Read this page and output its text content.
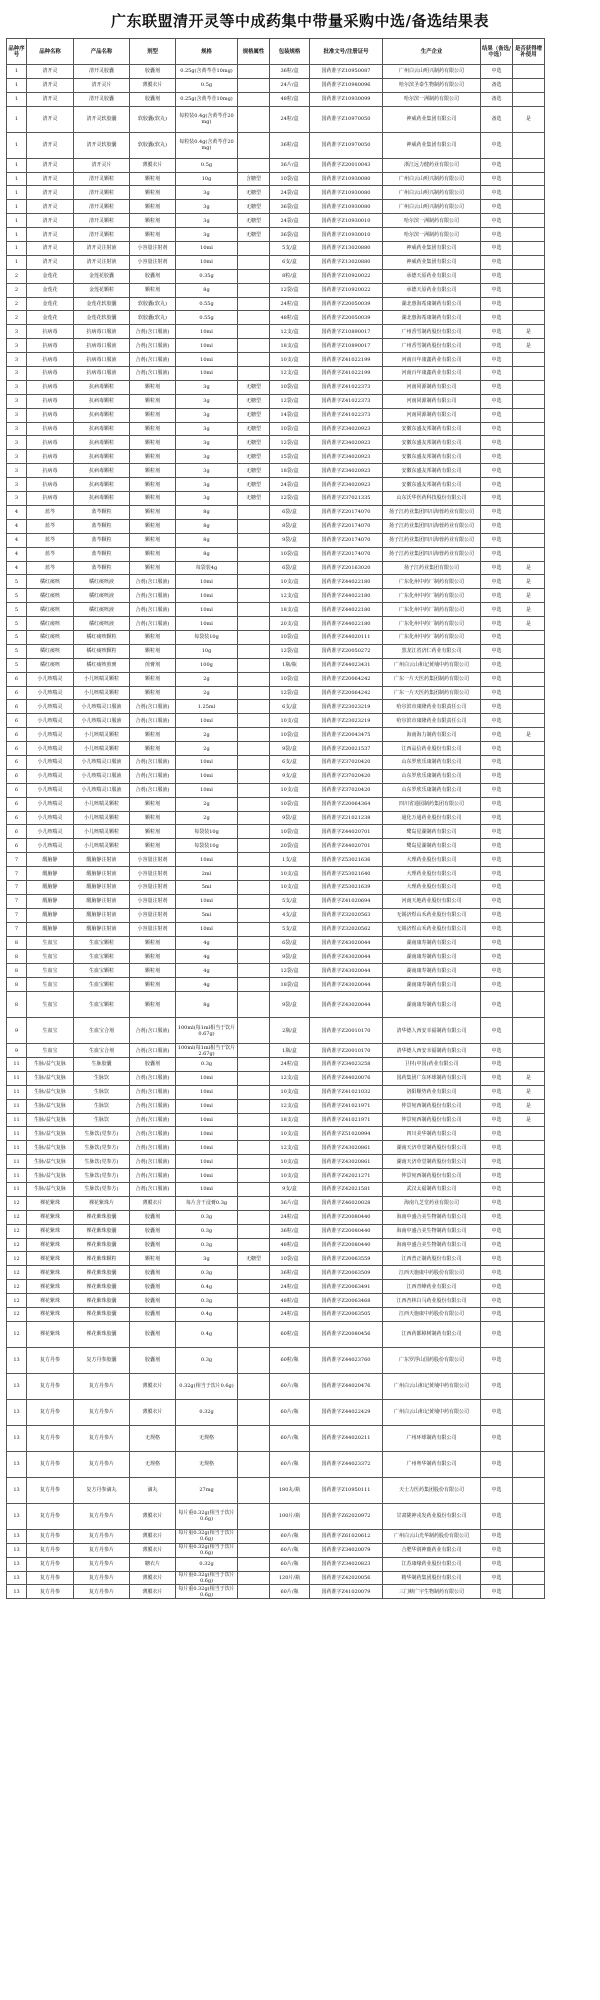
广东联盟清开灵等中成药集中带量采购中选/备选结果表
品种序号	品种名称	产品名称	剂型	规格	规格属性	包装规格	批准文号/注册证号	生产企业	结果（备选/中选）	是否获得增补使用
1	清开灵	清开灵胶囊	胶囊剂	0.25g(含黄芩苷10mg)		36粒/盒	国药准字Z10950087	广州白云山明兴制药有限公司	中选	
1	清开灵	清开灵片	薄膜衣片	0.5g		24片/盒	国药准字Z10980096	哈尔滨圣泰生物制药有限公司	备选	
1	清开灵	清开灵胶囊	胶囊剂	0.25g(含黄芩苷10mg)		48粒/盒	国药准字Z10930099	哈尔滨一洲制药有限公司	备选	
1	清开灵	清开灵软胶囊	软胶囊(软丸)	每粒装0.4g(含黄芩苷20mg)		24粒/盒	国药准字Z10970050	神威药业集团有限公司	备选	是
1	清开灵	清开灵软胶囊	软胶囊(软丸)	每粒装0.4g(含黄芩苷20mg)		36粒/盒	国药准字Z10970050	神威药业集团有限公司	中选	
1	清开灵	清开灵片	薄膜衣片	0.5g		36片/盒	国药准字Z20010043	浙江远力健药业有限公司	中选	
1	清开灵	清开灵颗粒	颗粒剂	10g	含糖型	10袋/盒	国药准字Z10930080	广州白云山明兴制药有限公司	中选	
1	清开灵	清开灵颗粒	颗粒剂	3g	无糖型	24袋/盒	国药准字Z10930080	广州白云山明兴制药有限公司	中选	
1	清开灵	清开灵颗粒	颗粒剂	3g	无糖型	36袋/盒	国药准字Z10930080	广州白云山明兴制药有限公司	中选	
1	清开灵	清开灵颗粒	颗粒剂	3g	无糖型	24袋/盒	国药准字Z10930010	哈尔滨一洲制药有限公司	中选	
1	清开灵	清开灵颗粒	颗粒剂	3g	无糖型	36袋/盒	国药准字Z10930010	哈尔滨一洲制药有限公司	中选	
1	清开灵	清开灵注射液	小容量注射剂	10ml		5支/盒	国药准字Z13020880	神威药业集团有限公司	中选	
1	清开灵	清开灵注射液	小容量注射剂	10ml		6支/盒	国药准字Z13020880	神威药业集团有限公司	中选	
2	金莲花	金莲花胶囊	胶囊剂	0.35g		8粒/盒	国药准字Z10920022	承德天原药业有限公司	中选	
2	金莲花	金莲花颗粒	颗粒剂	8g		12袋/盒	国药准字Z10920022	承德天原药业有限公司	中选	
2	金莲花	金莲花软胶囊	软胶囊(软丸)	0.55g		24粒/盒	国药准字Z20050039	湖北惠海希康制药有限公司	中选	
2	金莲花	金莲花软胶囊	软胶囊(软丸)	0.55g		48粒/盒	国药准字Z20050039	湖北惠海希康制药有限公司	中选	
3	抗病毒	抗病毒口服液	合剂(含口服液)	10ml		12支/盒	国药准字Z10890017	广州香雪制药股份有限公司	中选	是
3	抗病毒	抗病毒口服液	合剂(含口服液)	10ml		18支/盒	国药准字Z10890017	广州香雪制药股份有限公司	中选	是
3	抗病毒	抗病毒口服液	合剂(含口服液)	10ml		10支/盒	国药准字Z41022199	河南百年康鑫药业有限公司	中选	
3	抗病毒	抗病毒口服液	合剂(含口服液)	10ml		12支/盒	国药准字Z41022199	河南百年康鑫药业有限公司	中选	
3	抗病毒	抗病毒颗粒	颗粒剂	3g	无糖型	10袋/盒	国药准字Z41022373	河南同源制药有限公司	中选	
3	抗病毒	抗病毒颗粒	颗粒剂	3g	无糖型	12袋/盒	国药准字Z41022373	河南同源制药有限公司	中选	
3	抗病毒	抗病毒颗粒	颗粒剂	3g	无糖型	14袋/盒	国药准字Z41022373	河南同源制药有限公司	中选	
3	抗病毒	抗病毒颗粒	颗粒剂	3g	无糖型	10袋/盒	国药准字Z34020923	安徽东盛友邦制药有限公司	中选	
3	抗病毒	抗病毒颗粒	颗粒剂	3g	无糖型	12袋/盒	国药准字Z34020923	安徽东盛友邦制药有限公司	中选	
3	抗病毒	抗病毒颗粒	颗粒剂	3g	无糖型	15袋/盒	国药准字Z34020923	安徽东盛友邦制药有限公司	中选	
3	抗病毒	抗病毒颗粒	颗粒剂	3g	无糖型	18袋/盒	国药准字Z34020923	安徽东盛友邦制药有限公司	中选	
3	抗病毒	抗病毒颗粒	颗粒剂	3g	无糖型	24袋/盒	国药准字Z34020923	安徽东盛友邦制药有限公司	中选	
3	抗病毒	抗病毒颗粒	颗粒剂	3g	无糖型	12袋/盒	国药准字Z37021335	山东沃华医药科技股份有限公司	中选	
4	蓝芩	蓝芩颗粒	颗粒剂	8g		6袋/盒	国药准字Z20174070	扬子江药业集团四川海蓉药业有限公司	中选	
4	蓝芩	蓝芩颗粒	颗粒剂	8g		8袋/盒	国药准字Z20174070	扬子江药业集团四川海蓉药业有限公司	中选	
4	蓝芩	蓝芩颗粒	颗粒剂	8g		9袋/盒	国药准字Z20174070	扬子江药业集团四川海蓉药业有限公司	中选	
4	蓝芩	蓝芩颗粒	颗粒剂	8g		10袋/盒	国药准字Z20174070	扬子江药业集团四川海蓉药业有限公司	中选	
4	蓝芩	蓝芩颗粒	颗粒剂	每袋装4g		6袋/盒	国药准字Z20163020	扬子江药业集团有限公司	中选	是
5	橘红痰咳	橘红痰咳液	合剂(含口服液)	10ml		10支/盒	国药准字Z44022180	广东化州中药厂制药有限公司	中选	是
5	橘红痰咳	橘红痰咳液	合剂(含口服液)	10ml		12支/盒	国药准字Z44022180	广东化州中药厂制药有限公司	中选	是
5	橘红痰咳	橘红痰咳液	合剂(含口服液)	10ml		18支/盒	国药准字Z44022180	广东化州中药厂制药有限公司	中选	是
5	橘红痰咳	橘红痰咳液	合剂(含口服液)	10ml		20支/盒	国药准字Z44022180	广东化州中药厂制药有限公司	中选	是
5	橘红痰咳	橘红痰咳颗粒	颗粒剂	每袋装10g		10袋/盒	国药准字Z44020111	广东化州中药厂制药有限公司	中选	
5	橘红痰咳	橘红痰咳颗粒	颗粒剂	10g		12袋/盒	国药准字Z20050272	黑龙江省济仁药业有限公司	中选	
5	橘红痰咳	橘红痰咳煎膏	煎膏剂	100g		1瓶/瓶	国药准字Z44023431	广州白云山和记黄埔中药有限公司	中选	
6	小儿咳喘灵	小儿咳喘灵颗粒	颗粒剂	2g		10袋/盒	国药准字Z20064242	广东一片天医药集团制药有限公司	中选	
6	小儿咳喘灵	小儿咳喘灵颗粒	颗粒剂	2g		12袋/盒	国药准字Z20064242	广东一片天医药集团制药有限公司	中选	
6	小儿咳喘灵	小儿咳喘灵口服液	合剂(含口服液)	1.25ml		6支/盒	国药准字Z23023219	哈尔滨市康隆药业有限责任公司	中选	
6	小儿咳喘灵	小儿咳喘灵口服液	合剂(含口服液)	10ml		10支/盒	国药准字Z23023219	哈尔滨市康隆药业有限责任公司	中选	
6	小儿咳喘灵	小儿咳喘灵颗粒	颗粒剂	2g		10袋/盒	国药准字Z20043475	海南海力制药有限公司	中选	是
6	小儿咳喘灵	小儿咳喘灵颗粒	颗粒剂	2g		9袋/盒	国药准字Z20021537	江西品信药业股份有限公司	中选	
6	小儿咳喘灵	小儿咳喘灵口服液	合剂(含口服液)	10ml		6支/盒	国药准字Z37020420	山东罗欣乐康制药有限公司	中选	
6	小儿咳喘灵	小儿咳喘灵口服液	合剂(含口服液)	10ml		9支/盒	国药准字Z37020420	山东罗欣乐康制药有限公司	中选	
6	小儿咳喘灵	小儿咳喘灵口服液	合剂(含口服液)	10ml		10支/盒	国药准字Z37020420	山东罗欣乐康制药有限公司	中选	
6	小儿咳喘灵	小儿咳喘灵颗粒	颗粒剂	2g		10袋/盒	国药准字Z20064364	四川省通园制药集团有限公司	中选	
6	小儿咳喘灵	小儿咳喘灵颗粒	颗粒剂	2g		9袋/盒	国药准字Z21021238	通化万通药业股份有限公司	中选	
6	小儿咳喘灵	小儿咳喘灵颗粒	颗粒剂	每袋装10g		10袋/盒	国药准字Z44020701	鹭岛星湖制药有限公司	中选	
6	小儿咳喘灵	小儿咳喘灵颗粒	颗粒剂	每袋装10g		20袋/盒	国药准字Z44020701	鹭岛星湖制药有限公司	中选	
7	醒脑静	醒脑静注射液	小容量注射剂	10ml		1支/盒	国药准字Z53021636	大理药业股份有限公司	中选	
7	醒脑静	醒脑静注射液	小容量注射剂	2ml		10支/盒	国药准字Z53021640	大理药业股份有限公司	中选	
7	醒脑静	醒脑静注射液	小容量注射剂	5ml		10支/盒	国药准字Z53021639	大理药业股份有限公司	中选	
7	醒脑静	醒脑静注射液	小容量注射剂	10ml		5支/盒	国药准字Z41020694	河南天地药业股份有限公司	中选	
7	醒脑静	醒脑静注射液	小容量注射剂	5ml		4支/盒	国药准字Z32020563	无锡济煜山禾药业股份有限公司	中选	
7	醒脑静	醒脑静注射液	小容量注射剂	10ml		5支/盒	国药准字Z32020562	无锡济煜山禾药业股份有限公司	中选	
8	生血宝	生血宝颗粒	颗粒剂	4g		6袋/盒	国药准字Z43020044	湖南康寿制药有限公司	中选	
8	生血宝	生血宝颗粒	颗粒剂	4g		9袋/盒	国药准字Z43020044	湖南康寿制药有限公司	中选	
8	生血宝	生血宝颗粒	颗粒剂	4g		12袋/盒	国药准字Z43020044	湖南康寿制药有限公司	中选	
8	生血宝	生血宝颗粒	颗粒剂	4g		18袋/盒	国药准字Z43020044	湖南康寿制药有限公司	中选	
8	生血宝	生血宝颗粒	颗粒剂	8g		9袋/盒	国药准字Z43020044	湖南康寿制药有限公司	中选	
9	生血宝	生血宝合剂	合剂(含口服液)	100ml(每1ml相当于饮片0.67g)		2瓶/盒	国药准字Z20010170	清华德人西安幸福制药有限公司	中选	
9	生血宝	生血宝合剂	合剂(含口服液)	100ml(每1ml相当于饮片2.67g)		1瓶/盒	国药准字Z20010170	清华德人西安幸福制药有限公司	中选	
11	生脉/益气复脉	生脉胶囊	胶囊剂	0.3g		24粒/盒	国药准字Z34023258	卫材(中国)药业有限公司	中选	
11	生脉/益气复脉	生脉饮	合剂(含口服液)	10ml		12支/盒	国药准字Z44020076	国药集团广东环球制药有限公司	中选	是
11	生脉/益气复脉	生脉饮	合剂(含口服液)	10ml		10支/盒	国药准字Z41021032	洛阳顺势药业有限公司	中选	是
11	生脉/益气复脉	生脉饮	合剂(含口服液)	10ml		12支/盒	国药准字Z41021971	仲景宛西制药股份有限公司	中选	是
11	生脉/益气复脉	生脉饮	合剂(含口服液)	10ml		18支/盒	国药准字Z41021971	仲景宛西制药股份有限公司	中选	是
11	生脉/益气复脉	生脉饮(党参方)	合剂(含口服液)	10ml		10支/盒	国药准字Z51020994	四川美华制药有限公司	中选	
11	生脉/益气复脉	生脉饮(党参方)	合剂(含口服液)	10ml		12支/盒	国药准字Z43020861	湖南天济草堂制药股份有限公司	中选	
11	生脉/益气复脉	生脉饮(党参方)	合剂(含口服液)	10ml		10支/盒	国药准字Z43020861	湖南天济草堂制药股份有限公司	中选	
11	生脉/益气复脉	生脉饮(党参方)	合剂(含口服液)	10ml		10支/盒	国药准字Z42021271	仲景宛西制药股份有限公司	中选	
11	生脉/益气复脉	生脉饮(党参方)	合剂(含口服液)	10ml		9支/盒	国药准字Z42021581	武汉太福制药有限公司	中选	
12	裸花紫珠	裸花紫珠片	薄膜衣片	每片含干浸膏0.3g		36片/盒	国药准字Z46020028	海南九芝堂药业有限公司	中选	
12	裸花紫珠	裸花紫珠胶囊	胶囊剂	0.3g		24粒/盒	国药准字Z20080440	海南中盛合美生物制药有限公司	中选	
12	裸花紫珠	裸花紫珠胶囊	胶囊剂	0.3g		36粒/盒	国药准字Z20080440	海南中盛合美生物制药有限公司	中选	
12	裸花紫珠	裸花紫珠胶囊	胶囊剂	0.3g		48粒/盒	国药准字Z20080440	海南中盛合美生物制药有限公司	中选	
12	裸花紫珠	裸花紫珠颗粒	颗粒剂	3g	无糖型	10袋/盒	国药准字Z20063559	江西普正制药股份有限公司	中选	
12	裸花紫珠	裸花紫珠胶囊	胶囊剂	0.3g		36粒/盒	国药准字Z20063509	江西天施康中药股份有限公司	中选	
12	裸花紫珠	裸花紫珠胶囊	胶囊剂	0.4g		24粒/盒	国药准字Z20063491	江西青峰药业有限公司	中选	
12	裸花紫珠	裸花紫珠胶囊	胶囊剂	0.3g		48粒/盒	国药准字Z20063468	江西杏林白马药业股份有限公司	中选	
12	裸花紫珠	裸花紫珠胶囊	胶囊剂	0.4g		24粒/盒	国药准字Z20063505	江西天施康中药股份有限公司	中选	
12	裸花紫珠	裸花紫珠胶囊	胶囊剂	0.4g		60粒/盒	国药准字Z20080456	江西药都樟树制药有限公司	中选	
13	复方丹参	复方丹参胶囊	胶囊剂	0.3g		60粒/瓶	国药准字Z44023760	广东罗浮山国药股份有限公司	中选	
13	复方丹参	复方丹参片	薄膜衣片	0.32g(相当于饮片0.6g)		60片/瓶	国药准字Z44020476	广州白云山和记黄埔中药有限公司	中选	
13	复方丹参	复方丹参片	薄膜衣片	0.32g		60片/瓶	国药准字Z44022429	广州白云山和记黄埔中药有限公司	中选	
13	复方丹参	复方丹参片	无规格	无规格		60片/瓶	国药准字Z44020211	广州环球制药有限公司	中选	
13	复方丹参	复方丹参片	无规格	无规格		60片/瓶	国药准字Z44023372	广州粤华制药有限公司	中选	
13	复方丹参	复方丹参滴丸	滴丸	27mg		180丸/瓶	国药准字Z10950111	天士力医药集团股份有限公司	中选	
13	复方丹参	复方丹参片	薄膜衣片	每片重0.32g(相当于饮片0.6g)		100片/瓶	国药准字Z62020972	甘肃陇神戎发药业股份有限公司	中选	
13	复方丹参	复方丹参片	薄膜衣片	每片重0.32g(相当于饮片0.6g)		60片/瓶	国药准字Z61020612	广州白云山光华制药股份有限公司	中选	
13	复方丹参	复方丹参片	薄膜衣片	每片重0.32g(相当于饮片0.6g)		60片/瓶	国药准字Z34020079	合肥华润神鹿药业有限公司	中选	
13	复方丹参	复方丹参片	糖衣片	0.32g		60片/瓶	国药准字Z34020823	江苏康缘药业股份有限公司	中选	
13	复方丹参	复方丹参片	薄膜衣片	每片重0.32g(相当于饮片0.6g)		120片/瓶	国药准字Z42020056	精华制药集团股份有限公司	中选	
13	复方丹参	复方丹参片	薄膜衣片	每片重0.32g(相当于饮片0.6g)		60片/瓶	国药准字Z41020079	三门峡广宇生物制药有限公司	中选	
